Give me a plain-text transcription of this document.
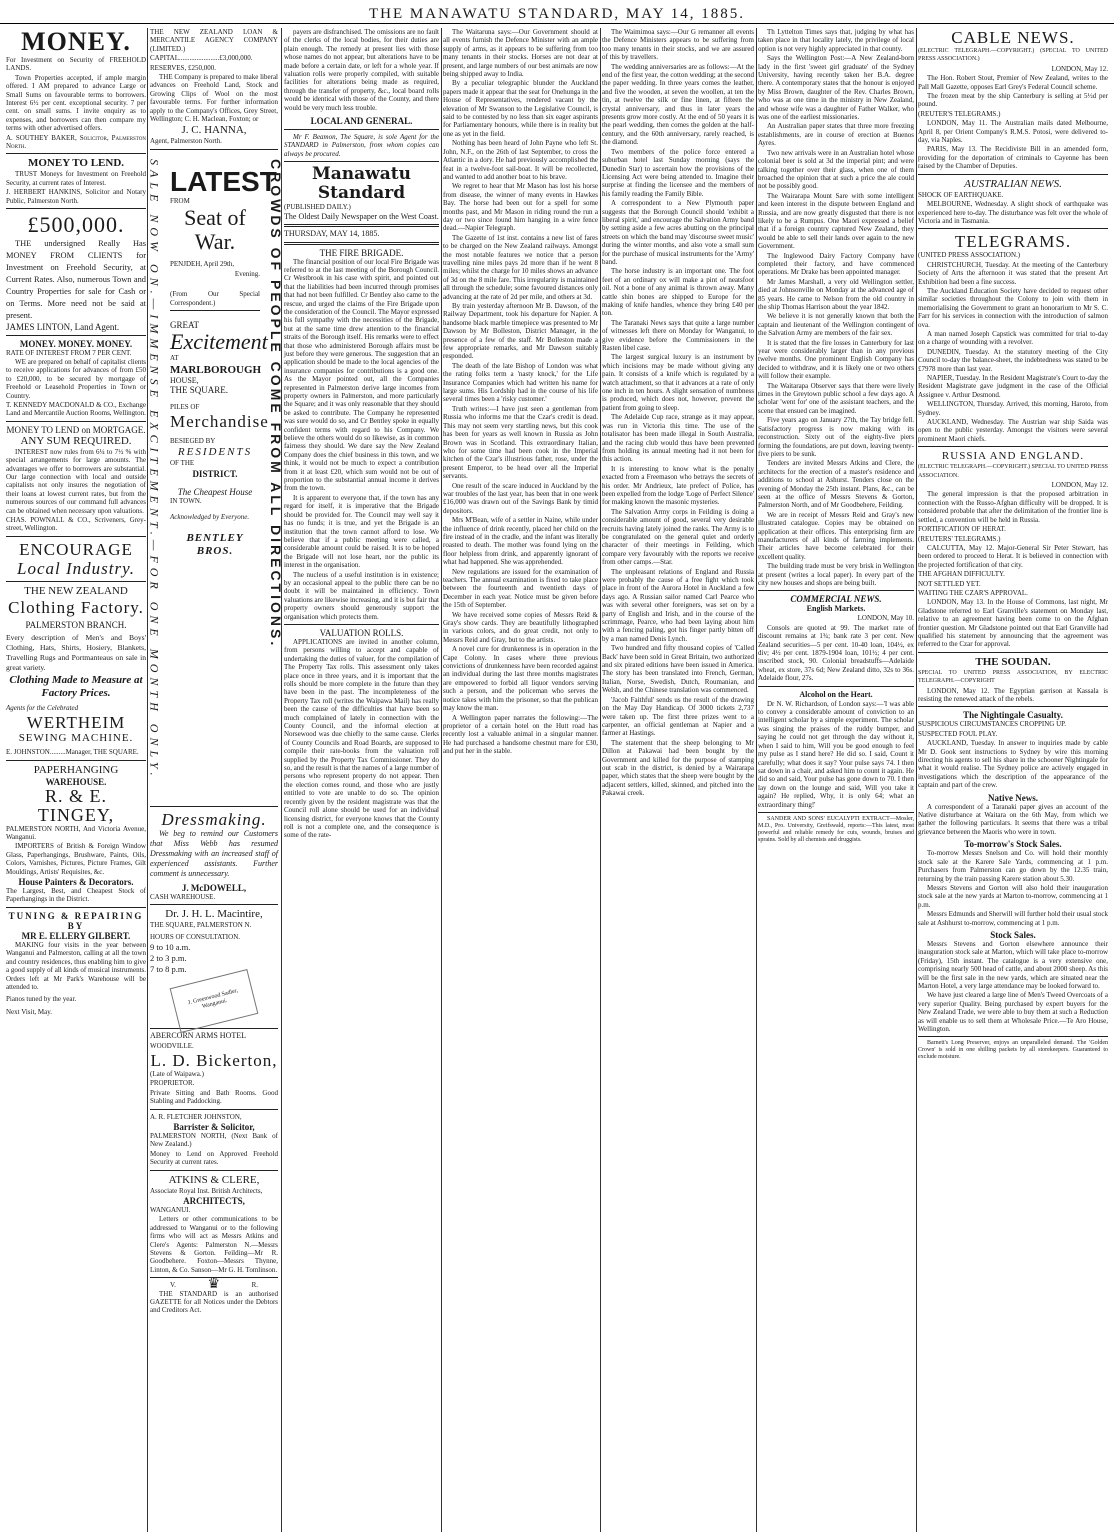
THE MANAWATU STANDARD, MAY 14, 1885.
MONEY.

For Investment on Security of FREEHOLD LANDS.

Town Properties accepted, if ample margin offered. I AM prepared to advance Large or Small Sums on favourable terms to borrowers. Interest 6½ per cent. exceptional security. 7 per cent. on small sums. I invite enquiry as to expenses, and borrowers can then compare my terms with other advertised offers.

A. SOUTHEY BAKER, Solicitor, Palmerston North.

MONEY TO LEND.

TRUST Moneys for Investment on Freehold Security, at current rates of Interest.

J. HERBERT HANKINS, Solicitor and Notary Public, Palmerston North.

£500,000.

THE undersigned Really Has MONEY FROM CLIENTS for Investment on Freehold Security, at Current Rates. Also, numerous Town and Country Properties for sale for Cash or on Terms. More need not be said at present.

JAMES LINTON, Land Agent.

MONEY. MONEY. MONEY.

RATE OF INTEREST FROM 7 PER CENT.

WE are prepared on behalf of capitalist clients to receive applications for advances of from £50 to £20,000, to be secured by mortgage of Freehold or Leasehold Properties in Town or Country.

T. KENNEDY MACDONALD & CO., Exchange Land and Mercantile Auction Rooms, Wellington.

MONEY TO LEND on MORTGAGE.
ANY SUM REQUIRED.

INTEREST now rules from 6¼ to 7½ % with special arrangements for large amounts. The advantages we offer to borrowers are substantial. Our large connection with local and outside capitalists not only insures the negotiation of their loans at lowest current rates, but from the numerous sources of our command full advances can be obtained when necessary upon valuations.

CHAS. POWNALL & CO., Scriveners, Grey-street, Wellington.

ENCOURAGE
Local Industry.
THE NEW ZEALAND
Clothing Factory.
PALMERSTON BRANCH.

Every description of Men's and Boys' Clothing, Hats, Shirts, Hosiery, Blankets, Travelling Rugs and Portmanteaus on sale in great variety.

Clothing Made to Measure at Factory Prices.

Agents for the Celebrated

WERTHEIM
SEWING MACHINE.

E. JOHNSTON.........Manager, THE SQUARE.

PAPERHANGING
WAREHOUSE.
R. & E. TINGEY,

PALMERSTON NORTH, And Victoria Avenue, Wanganui.

IMPORTERS of British & Foreign Window Glass, Paperhangings, Brushware, Paints, Oils, Colors, Varnishes, Pictures, Picture Frames, Gilt Mouldings, Artists' Requisites, &c.

House Painters & Decorators.

The Largest, Best, and Cheapest Stock of Paperhangings in the District.

TUNING & REPAIRING BY
MR E. ELLERY GILBERT.

MAKING four visits in the year between Wanganui and Palmerston, calling at all the town and country residences, thus enabling him to give a good supply of all kinds of musical instruments. Orders left at Mr Park's Warehouse will be attended to.

Pianos tuned by the year.

Next Visit, May.

THE NEW ZEALAND LOAN & MERCANTILE AGENCY COMPANY (LIMITED.)

CAPITAL.......................£3,000,000.

RESERVES, £250,000.

THE Company is prepared to make liberal advances on Freehold Land, Stock and Growing Clips of Wool on the most favourable terms. For further information apply to the Company's Offices, Grey Street, Wellington; C. H. Maclean, Foxton; or

J. C. HANNA,

Agent, Palmerston North.

SALE NOW ON.—IMMENSE EXCITEMENT.—FOR ONE MONTH ONLY.	CROWDS OF PEOPLE COME FROM ALL DIRECTIONS.
LATEST

FROM

Seat of War.

PENJDEH, April 29th,

Evening.

(From Our Special Correspondent.)

GREAT

Excitement

AT

MARLBOROUGH

HOUSE,

THE SQUARE.

PILES OF

Merchandise

BESIEGED BY

RESIDENTS

OF THE

DISTRICT.
The Cheapest House

IN TOWN.

Acknowledged by Everyone.

BENTLEY BROS.
Dressmaking.

We beg to remind our Customers that Miss Webb has resumed Dressmaking with an increased staff of experienced assistants. Further comment is unnecessary.

J. McDOWELL,

CASH WAREHOUSE.

Dr. J. H. L. Macintire,

THE SQUARE, PALMERSTON N.

HOURS OF CONSULTATION.

9 to 10 a.m.

2 to 3 p.m.

7 to 8 p.m.

J. Greenwood Sadler, Wanganui.

ABERCORN ARMS HOTEL

WOODVILLE.

L. D. Bickerton,

(Late of Waipawa.)

PROPRIETOR.

Private Sitting and Bath Rooms. Good Stabling and Paddocking.

A. R. FLETCHER JOHNSTON,

Barrister & Solicitor,

PALMERSTON NORTH, (Next Bank of New Zealand.)

Money to Lend on Approved Freehold Security at current rates.

ATKINS & CLERE,

Associate Royal Inst. British Architects,

ARCHITECTS,

WANGANUI.

Letters or other communications to be addressed to Wanganui or to the following firms who will act as Messrs Atkins and Clere's Agents: Palmerston N.—Messrs Stevens & Gorton. Feilding—Mr R. Goodbehere. Foxton—Messrs Thynne, Linton, & Co. Sanson—Mr G. H. Tomlinson.

V. ♛	R.

THE STANDARD is an authorised GAZETTE for all Notices under the Debtors and Creditors Act.

payers are disfranchised. The omissions are no fault of the clerks of the local bodies, for their duties are plain enough. The remedy at present lies with those whose names do not appear, but alterations have to be made before a certain date, or left for a whole year. If valuation rolls were properly compiled, with suitable facilities for alterations being made as required, through the transfer of property, &c., local board rolls would be identical with those of the County, and there would be very much less trouble.

LOCAL AND GENERAL.

Mr F. Beamon, The Square, is sole Agent for the STANDARD in Palmerston, from whom copies can always be procured.

Manawatu Standard

(PUBLISHED DAILY.)

The Oldest Daily Newspaper on the West Coast.

THURSDAY, MAY 14, 1885.

THE FIRE BRIGADE.

The financial position of our local Fire Brigade was referred to at the last meeting of the Borough Council. Cr Westbrook in his case with spirit, and pointed out that the liabilities had been incurred through promises that had not been fulfilled. Cr Bentley also came to the rescue, and urged the claims of the Fire Brigade upon the consideration of the Council. The Mayor expressed his full sympathy with the necessities of the Brigade, but at the same time drew attention to the financial straits of the Borough itself. His remarks were to effect that those who administered Borough affairs must be just before they were generous. The suggestion that an application should be made to the local agencies of the insurance companies for contributions is a good one. As the Mayor pointed out, all the Companies represented in Palmerston derive large incomes from property owners in Palmerston, and more particularly the Square; and it was only reasonable that they should be asked to contribute. The Company he represented was sure would do so, and Cr Bentley spoke in equally confident terms with regard to his Company. We believe the others would do so likewise, as in common fairness they should. We dare say the New Zealand Company does the chief business in this town, and we think, it would not be much to expect a contribution from it at least £20, which sum would not be out of proportion to the substantial annual income it derives from the town.

It is apparent to everyone that, if the town has any regard for itself, it is imperative that the Brigade should be provided for. The Council may well say it has no funds; it is true, and yet the Brigade is an institution that the town cannot afford to lose. We believe that if a public meeting were called, a considerable amount could be raised. It is to be hoped the Brigade will not lose heart, nor the public its interest in the organisation.

The nucleus of a useful institution is in existence; by an occasional appeal to the public there can be no doubt it will be maintained in efficiency. Town valuations are likewise increasing, and it is but fair that property owners should generously support the organisation which protects them.

VALUATION ROLLS.

APPLICATIONS are invited in another column, from persons willing to accept and capable of undertaking the duties of valuer, for the compilation of The Property Tax rolls. This assessment only takes place once in three years, and it is important that the rolls should be more complete in the future than they have been in the past. The incompleteness of the Property Tax roll (writes the Waipawa Mail) has really been the cause of the difficulties that have been so much complained of lately in connection with the County Council, and the informal election at Norsewood was due chiefly to the same cause. Clerks of County Councils and Road Boards, are supposed to compile their rate-books from the valuation roll supplied by the Property Tax Commissioner. They do so, and the result is that the names of a large number of persons who represent property do not appear. Then the election comes round, and those who are justly entitled to vote are unable to do so. The opinion recently given by the resident magistrate was that the Council roll alone should be used for an individual licensing district, for everyone knows that the County roll is not a complete one, and the consequence is some of the rate-

The Waitaruna says:—Our Government should at all events furnish the Defence Minister with an ample supply of arms, as it appears to be suffering from too many tenants in their stocks. Horses are not dear at present, and large numbers of our best animals are now being shipped away to India.

By a peculiar telegraphic blunder the Auckland papers made it appear that the seat for Onehunga in the House of Representatives, rendered vacant by the elevation of Mr Swanson to the Legislative Council, is said to be contested by no less than six eager aspirants for Parliamentary honours, while there is in reality but one as yet in the field.

Nothing has been heard of John Payne who left St. John, N.F., on the 26th of last September, to cross the Atlantic in a dory. He had previously accomplished the feat in a twelve-foot sail-boat. It will be recollected, and wanted to add another boat to his brave.

We regret to hear that Mr Mason has lost his horse from disease, the winner of many events in Hawkes Bay. The horse had been out for a spell for some months past, and Mr Mason in riding round the run a day or two since found him hanging in a wire fence dead.—Napier Telegraph.

The Gazette of 1st inst. contains a new list of fares to be charged on the New Zealand railways. Amongst the most notable features we notice that a person travelling nine miles pays 2d more than if he went 8 miles; whilst the charge for 10 miles shows an advance of 3d on the 8 mile fare. This irregularity is maintained all through the schedule; some favoured distances only advancing at the rate of 2d per mile, and others at 3d.

By train yesterday afternoon Mr B. Dawson, of the Railway Department, took his departure for Napier. A handsome black marble timepiece was presented to Mr Dawson by Mr Bolleston, District Manager, in the presence of a few of the staff. Mr Bolleston made a few appropriate remarks, and Mr Dawson suitably responded.

The death of the late Bishop of London was what the rating folks term a 'nasty knock,' for the Life Insurance Companies which had written his name for large sums. His Lordship had in the course of his life several times been a 'risky customer.'

Truth writes:—I have just seen a gentleman from Russia who informs me that the Czar's credit is dead. This may not seem very startling news, but this cook has been for years as well known in Russia as John Brown was in Scotland. This extraordinary Italian, who for some time had been cook in the Imperial kitchen of the Czar's illustrious father, rose, under the present Emperor, to be head over all the Imperial servants.

One result of the scare induced in Auckland by the war troubles of the last year, has been that in one week £16,000 was drawn out of the Savings Bank by timid depositors.

Mrs M'Bean, wife of a settler in Naine, while under the influence of drink recently, placed her child on the fire instead of in the cradle, and the infant was literally roasted to death. The mother was found lying on the floor helpless from drink, and apparently ignorant of what had happened. She was apprehended.

New regulations are issued for the examination of teachers. The annual examination is fixed to take place between the fourteenth and twentieth days of December in each year. Notice must be given before the 15th of September.

We have received some copies of Messrs Reid & Gray's show cards. They are beautifully lithographed in various colors, and do great credit, not only to Messrs Reid and Gray, but to the artists.

A novel cure for drunkenness is in operation in the Cape Colony. In cases where three previous convictions of drunkenness have been recorded against an individual during the last three months magistrates are empowered to forbid all liquor vendors serving such a person, and the policeman who serves the notice takes with him the prisoner, so that the publican may know the man.

A Wellington paper narrates the following:—The proprietor of a certain hotel on the Hutt road has recently lost a valuable animal in a singular manner. He had purchased a handsome chestnut mare for £30, and put her in the stable.

The Waimimoa says:—Our G remanner all events the Defence Ministers appears to be suffering from too many tenants in their stocks, and we are assured of this by travellers.

The wedding anniversaries are as follows:—At the end of the first year, the cotton wedding; at the second the paper wedding. In three years comes the leather, and five the wooden, at seven the woollen, at ten the tin, at twelve the silk or fine linen, at fifteen the crystal anniversary, and thus in later years the presents grow more costly. At the end of 50 years it is the pearl wedding, then comes the golden at the half-century, and the 60th anniversary, rarely reached, is the diamond.

Two members of the police force entered a suburban hotel last Sunday morning (says the Dunedin Star) to ascertain how the provisions of the Licensing Act were being attended to. Imagine their surprise at finding the licensee and the members of his family reading the Family Bible.

A correspondent to a New Plymouth paper suggests that the Borough Council should 'exhibit a liberal spirit,' and encourage the Salvation Army band by setting aside a few acres abutting on the principal streets on which the band may 'discourse sweet music' during the winter months, and also vote a small sum for the purchase of musical instruments for the 'Army' band.

The horse industry is an important one. The foot feet of an ordinary ox will make a pint of neatsfoot oil. Not a bone of any animal is thrown away. Many cattle shin bones are shipped to Europe for the making of knife handles, whence they bring £40 per ton.

The Taranaki News says that quite a large number of witnesses left there on Monday for Wanganui, to give evidence before the Commissioners in the Rasten libel case.

The largest surgical luxury is an instrument by which incisions may be made without giving any pain. It consists of a knife which is regulated by a watch attachment, so that it advances at a rate of only one inch in ten hours. A slight sensation of numbness is produced, which does not, however, prevent the patient from going to sleep.

The Adelaide Cup race, strange as it may appear, was run in Victoria this time. The use of the totalisator has been made illegal in South Australia, and the racing club would thus have been prevented from holding its annual meeting had it not been for this action.

It is interesting to know what is the penalty exacted from a Freemason who betrays the secrets of his order. Mr Andrieux, late prefect of Police, has been expelled from the lodge 'Loge of Perfect Silence' for making known the masonic mysteries.

The Salvation Army corps in Feilding is doing a considerable amount of good, several very desirable recruits having lately joined the ranks. The Army is to be congratulated on the general quiet and orderly character of their meetings in Feilding, which compare very favourably with the reports we receive from other camps.—Star.

The unpleasant relations of England and Russia were probably the cause of a free fight which took place in front of the Aurora Hotel in Auckland a few days ago. A Russian sailor named Carl Pearce who was with several other foreigners, was set on by a party of English and Irish, and in the course of the scrimmage, Pearce, who had been laying about him with a fencing paling, got his finger partly bitten off by a man named Denis Lynch.

Two hundred and fifty thousand copies of 'Called Back' have been sold in Great Britain, two authorized and six pirated editions have been issued in America. The story has been translated into French, German, Italian, Norse, Swedish, Dutch, Roumanian, and Welsh, and the Chinese translation was commenced.

'Jacob Faithful' sends us the result of the drawing on the May Day Handicap. Of 3000 tickets 2,737 were taken up. The first three prizes went to a carpenter, an official gentleman at Napier and a farmer at Hastings.

The statement that the sheep belonging to Mr Dillon at Pakawai had been bought by the Government and killed for the purpose of stamping out scab in the district, is denied by a Wairarapa paper, which states that the sheep were bought by the adjacent settlers, killed, skinned, and pitched into the Pakawai creek.

Th Lyttelton Times says that, judging by what has taken place in that locality lately, the privilege of local option is not very highly appreciated in that county.

Says the Wellington Post:—A New Zealand-born lady in the first 'sweet girl graduate' of the Sydney University, having recently taken her B.A. degree there. A contemporary states that the honour is enjoyed by Miss Brown, daughter of the Rev. Charles Brown, who was at one time in the ministry in New Zealand, and whose wife was a daughter of Father Walker, who was one of the earliest missionaries.

An Australian paper states that three more freezing establishments, are in course of erection at Buenos Ayres.

Two new arrivals were in an Australian hotel whose colonial beer is sold at 3d the imperial pint; and were talking together over their glass, when one of them broached the opinion that at such a price the ale could not be possibly good.

The Wairarapa Mount Sare with some intelligent and keen interest in the dispute between England and Russia, and are now greatly disgusted that there is not likely to be a Rumpus. One Maori expressed a belief that if a foreign country captured New Zealand, they would be able to sell their lands over again to the new Government.

The Inglewood Dairy Factory Company have completed their factory, and have commenced operations. Mr Drake has been appointed manager.

Mr James Marshall, a very old Wellington settler, died at Johnsonville on Monday at the advanced age of 85 years. He came to Nelson from the old country in the ship Thomas Harrison about the year 1842.

We believe it is not generally known that both the captain and lieutenant of the Wellington contingent of the Salvation Army are members of the fair sex.

It is stated that the fire losses in Canterbury for last year were considerably larger than in any previous twelve months. One prominent English Company has decided to withdraw, and it is likely one or two others will follow their example.

The Waitarapa Observer says that there were lively times in the Greytown public school a few days ago. A scholar 'went for' one of the assistant teachers, and the scene that ensued can be imagined.

Five years ago on January 27th, the Tay bridge fell. Satisfactory progress is now making with its reconstruction. Sixty out of the eighty-five piers forming the foundations, are put down, leaving twenty-five piers to be sunk.

Tenders are invited Messrs Atkins and Clere, the architects for the erection of a master's residence and additions to school at Ashurst. Tenders close on the evening of Monday the 25th instant. Plans, &c., can be seen at the office of Messrs Stevens & Gorton, Palmerston North, and of Mr Goodbehere, Feilding.

We are in receipt of Messrs Reid and Gray's new illustrated catalogue. Copies may be obtained on application at their offices. This enterprising firm are manufacturers of all kinds of farming implements. Their articles have become celebrated for their excellent quality.

The building trade must be very brisk in Wellington at present (writes a local paper). In every part of the city new houses and shops are being built.

COMMERCIAL NEWS.
English Markets.

LONDON, May 10.

Consols are quoted at 99. The market rate of discount remains at 1¾; bank rate 3 per cent. New Zealand securities—5 per cent. 10-40 loan, 104½, ex div; 4½ per cent. 1879-1904 loan, 101½; 4 per cent. inscribed stock, 90. Colonial breadstuffs—Adelaide wheat, ex store, 37s 6d; New Zealand ditto, 32s to 36s. Adelaide flour, 27s.

Alcohol on the Heart.

Dr N. W. Richardson, of London says:—'I was able to convey a considerable amount of conviction to an intelligent scholar by a simple experiment. The scholar was singing the praises of the ruddy bumper, and saying he could not get through the day without it, when I said to him, Will you be good enough to feel my pulse as I stand here? He did so. I said, Count it carefully; what does it say? Your pulse says 74. I then sat down in a chair, and asked him to count it again. He did so and said, Your pulse has gone down to 70. I then lay down on the lounge and said, Will you take it again? He replied, Why, it is only 64; what an extraordinary thing!'

SANDER AND SONS' EUCALYPTI EXTRACT—Mosler, M.D., Pro. University, Greifswald, reports:—This latest, most powerful and reliable remedy for cuts, wounds, bruises and sprains. Sold by all chemists and druggists.

CABLE NEWS.

(ELECTRIC TELEGRAPH.—COPYRIGHT.) (SPECIAL TO UNITED PRESS ASSOCIATION.)

LONDON, May 12.

The Hon. Robert Stout, Premier of New Zealand, writes to the Pall Mall Gazette, opposes Earl Grey's Federal Council scheme.

The frozen meat by the ship Canterbury is selling at 5½d per pound.

(REUTER'S TELEGRAMS.)

LONDON, May 11. The Australian mails dated Melbourne, April 8, per Orient Company's R.M.S. Potosi, were delivered to-day, via Naples.

PARIS, May 13. The Recidiviste Bill in an amended form, providing for the deportation of criminals to Cayenne has been raised by the Chamber of Deputies.

AUSTRALIAN NEWS.

SHOCK OF EARTHQUAKE.

MELBOURNE, Wednesday. A slight shock of earthquake was experienced here to-day. The disturbance was felt over the whole of Victoria and in Tasmania.

TELEGRAMS.

(UNITED PRESS ASSOCIATION.)

CHRISTCHURCH, Tuesday. At the meeting of the Canterbury Society of Arts the afternoon it was stated that the present Art Exhibition had been a fine success.

The Auckland Education Society have decided to request other similar societies throughout the Colony to join with them in memorialising the Government to grant an honorarium to Mr S. C. Farr for his services in connection with the introduction of salmon ova.

A man named Joseph Capstick was committed for trial to-day on a charge of wounding with a revolver.

DUNEDIN, Tuesday. At the statutory meeting of the City Council to-day the balance-sheet, the indebtedness was stated to be £7978 more than last year.

NAPIER, Tuesday. In the Resident Magistrate's Court to-day the Resident Magistrate gave judgment in the case of the Official Assignee v. Arthur Desmond.

WELLINGTON, Thursday. Arrived, this morning, Haroto, from Sydney.

AUCKLAND, Wednesday. The Austrian war ship Saida was open to the public yesterday. Amongst the visitors were several prominent Maori chiefs.

RUSSIA AND ENGLAND.

(ELECTRIC TELEGRAPH.—COPYRIGHT.) SPECIAL TO UNITED PRESS ASSOCIATION.

LONDON, May 12.

The general impression is that the proposed arbitration in connection with the Russo-Afghan difficulty will be dropped. It is considered probable that after the delimitation of the frontier line is settled, a convention will be held in Russia.

FORTIFICATION OF HERAT.

(REUTERS' TELEGRAMS.)

CALCUTTA, May 12. Major-General Sir Peter Stewart, has been ordered to proceed to Herat. It is believed in connection with the projected fortification of that city.

THE AFGHAN DIFFICULTY.

NOT SETTLED YET.

WAITING THE CZAR'S APPROVAL.

LONDON, May 13. In the House of Commons, last night, Mr Gladstone referred to Earl Granville's statement on Monday last, relative to an agreement having been come to on the Afghan frontier question. Mr Gladstone pointed out that Earl Granville had qualified his statement by announcing that the agreement was referred to the Czar for approval.

THE SOUDAN.

SPECIAL TO UNITED PRESS ASSOCIATION, BY ELECTRIC TELEGRAPH.—COPYRIGHT

LONDON, May 12. The Egyptian garrison at Kassala is resisting the renewed attack of the rebels.

The Nightingale Casualty.

SUSPICIOUS CIRCUMSTANCES CROPPING UP.

SUSPECTED FOUL PLAY.

AUCKLAND, Tuesday. In answer to inquiries made by cable Mr D. Gook sent instructions to Sydney by wire this morning directing his agents to sell his share in the schooner Nightingale for what it would realise. The Sydney police are actively engaged in investigations which the description of the appearance of the captain and part of the crew.

Native News.

A correspondent of a Taranaki paper gives an account of the Native disturbance at Waitara on the 6th May, from which we gather the following particulars. It seems that there was a tribal grievance between the Maoris who were in town.

To-morrow's Stock Sales.

To-morrow Messrs Snelson and Co. will hold their monthly stock sale at the Karere Sale Yards, commencing at 1 p.m. Purchasers from Palmerston can go down by the 12.35 train, returning by the train passing Karere station about 5.30.

Messrs Stevens and Gorton will also hold their inauguration stock sale at the new yards at Marton to-morrow, commencing at 1 p.m.

Messrs Edmunds and Sherwill will further hold their usual stock sale at Ashhurst to-morrow, commencing at 1 p.m.

Stock Sales.

Messrs Stevens and Gorton elsewhere announce their inauguration stock sale at Marton, which will take place to-morrow (Friday), 15th instant. The catalogue is a very extensive one, comprising nearly 500 head of cattle, and about 2000 sheep. As this will be the first sale in the new yards, which are situated near the Marton Hotel, a very large attendance may be looked forward to.

We have just cleared a large line of Men's Tweed Overcoats of a very superior Quality. Being purchased by expert buyers for the New Zealand Trade, we were able to buy them at such a Reduction as will enable us to sell them at Wholesale Price.—Te Aro House, Wellington.

Barnett's Long Preserver, enjoys an unparalleled demand. The 'Golden Crown' is sold in one shilling packets by all storekeepers. Guaranteed to exclude moisture.
